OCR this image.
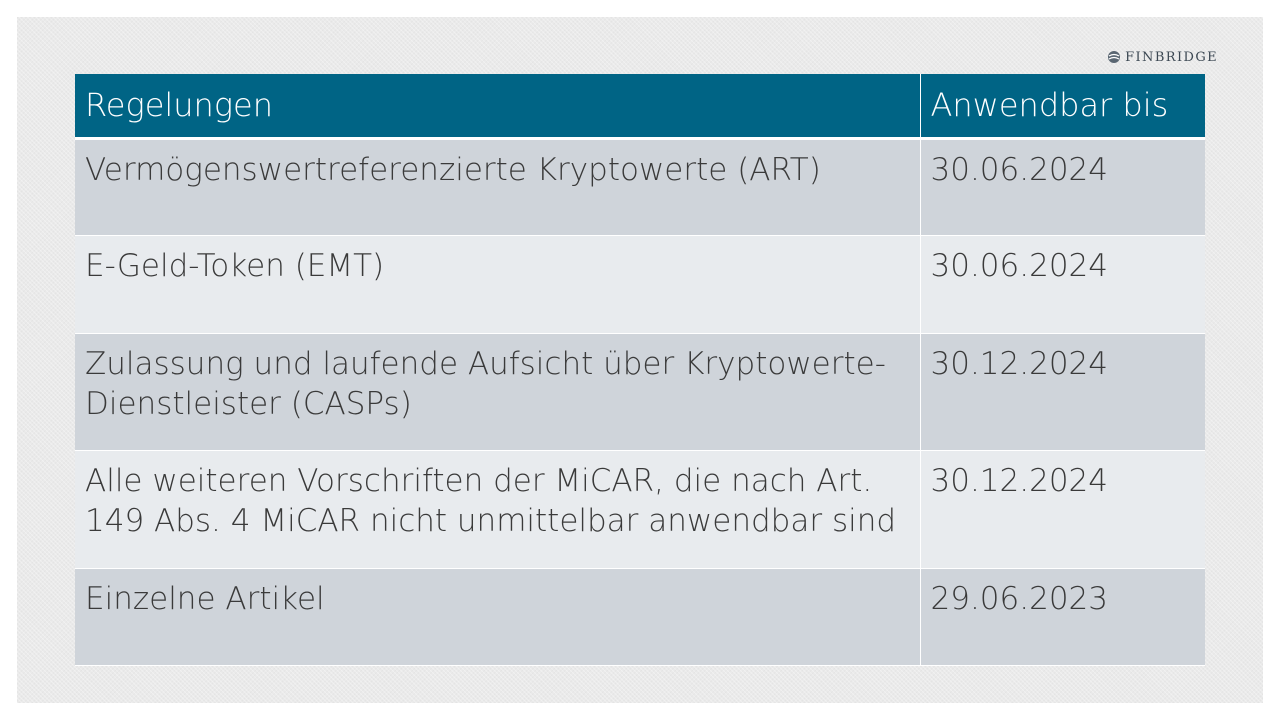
FINBRIDGE
Regelungen	Anwendbar bis
Vermögenswertreferenzierte Kryptowerte (ART)	30.06.2024
E-Geld-Token (EMT)	30.06.2024
Zulassung und laufende Aufsicht über Kryptowerte-Dienstleister (CASPs)	30.12.2024
Alle weiteren Vorschriften der MiCAR, die nach Art. 149 Abs. 4 MiCAR nicht unmittelbar anwendbar sind	30.12.2024
Einzelne Artikel	29.06.2023
